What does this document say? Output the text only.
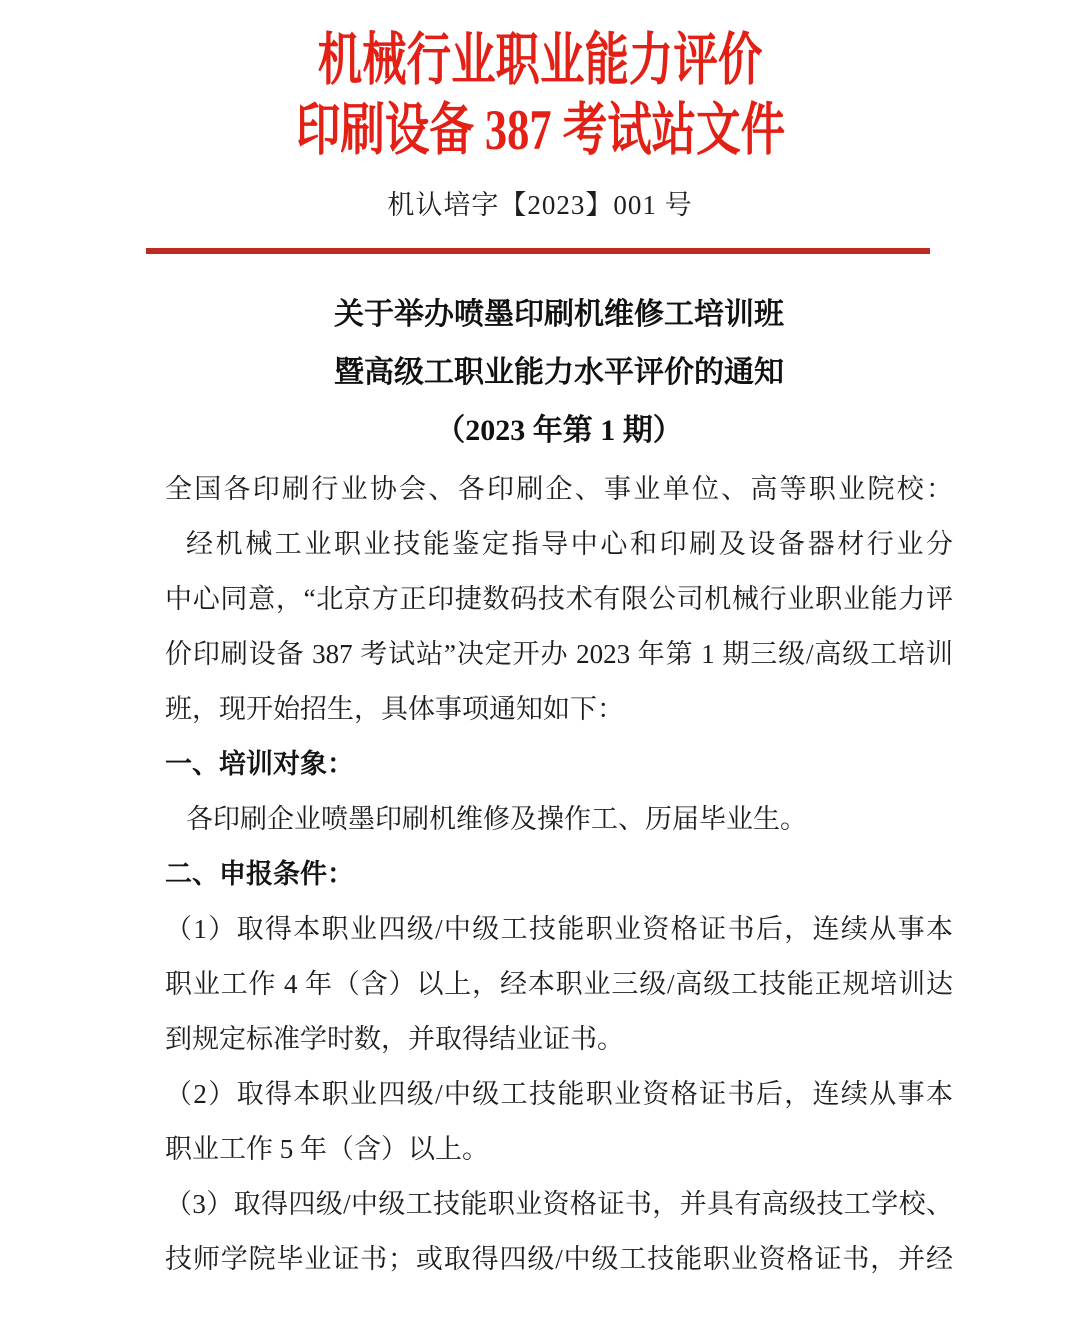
机械行业职业能力评价
印刷设备 387 考试站文件
机认培字【2023】001 号
关于举办喷墨印刷机维修工培训班
暨高级工职业能力水平评价的通知
（2023 年第 1 期）
全国各印刷行业协会、各印刷企、事业单位、高等职业院校：
经机械工业职业技能鉴定指导中心和印刷及设备器材行业分
中心同意，“北京方正印捷数码技术有限公司机械行业职业能力评
价印刷设备 387 考试站”决定开办 2023 年第 1 期三级/高级工培训
班，现开始招生，具体事项通知如下：
一、培训对象：
各印刷企业喷墨印刷机维修及操作工、历届毕业生。
二、申报条件：
（1）取得本职业四级/中级工技能职业资格证书后，连续从事本
职业工作 4 年（含）以上，经本职业三级/高级工技能正规培训达
到规定标准学时数，并取得结业证书。
（2）取得本职业四级/中级工技能职业资格证书后，连续从事本
职业工作 5 年（含）以上。
（3）取得四级/中级工技能职业资格证书，并具有高级技工学校、
技师学院毕业证书；或取得四级/中级工技能职业资格证书，并经
